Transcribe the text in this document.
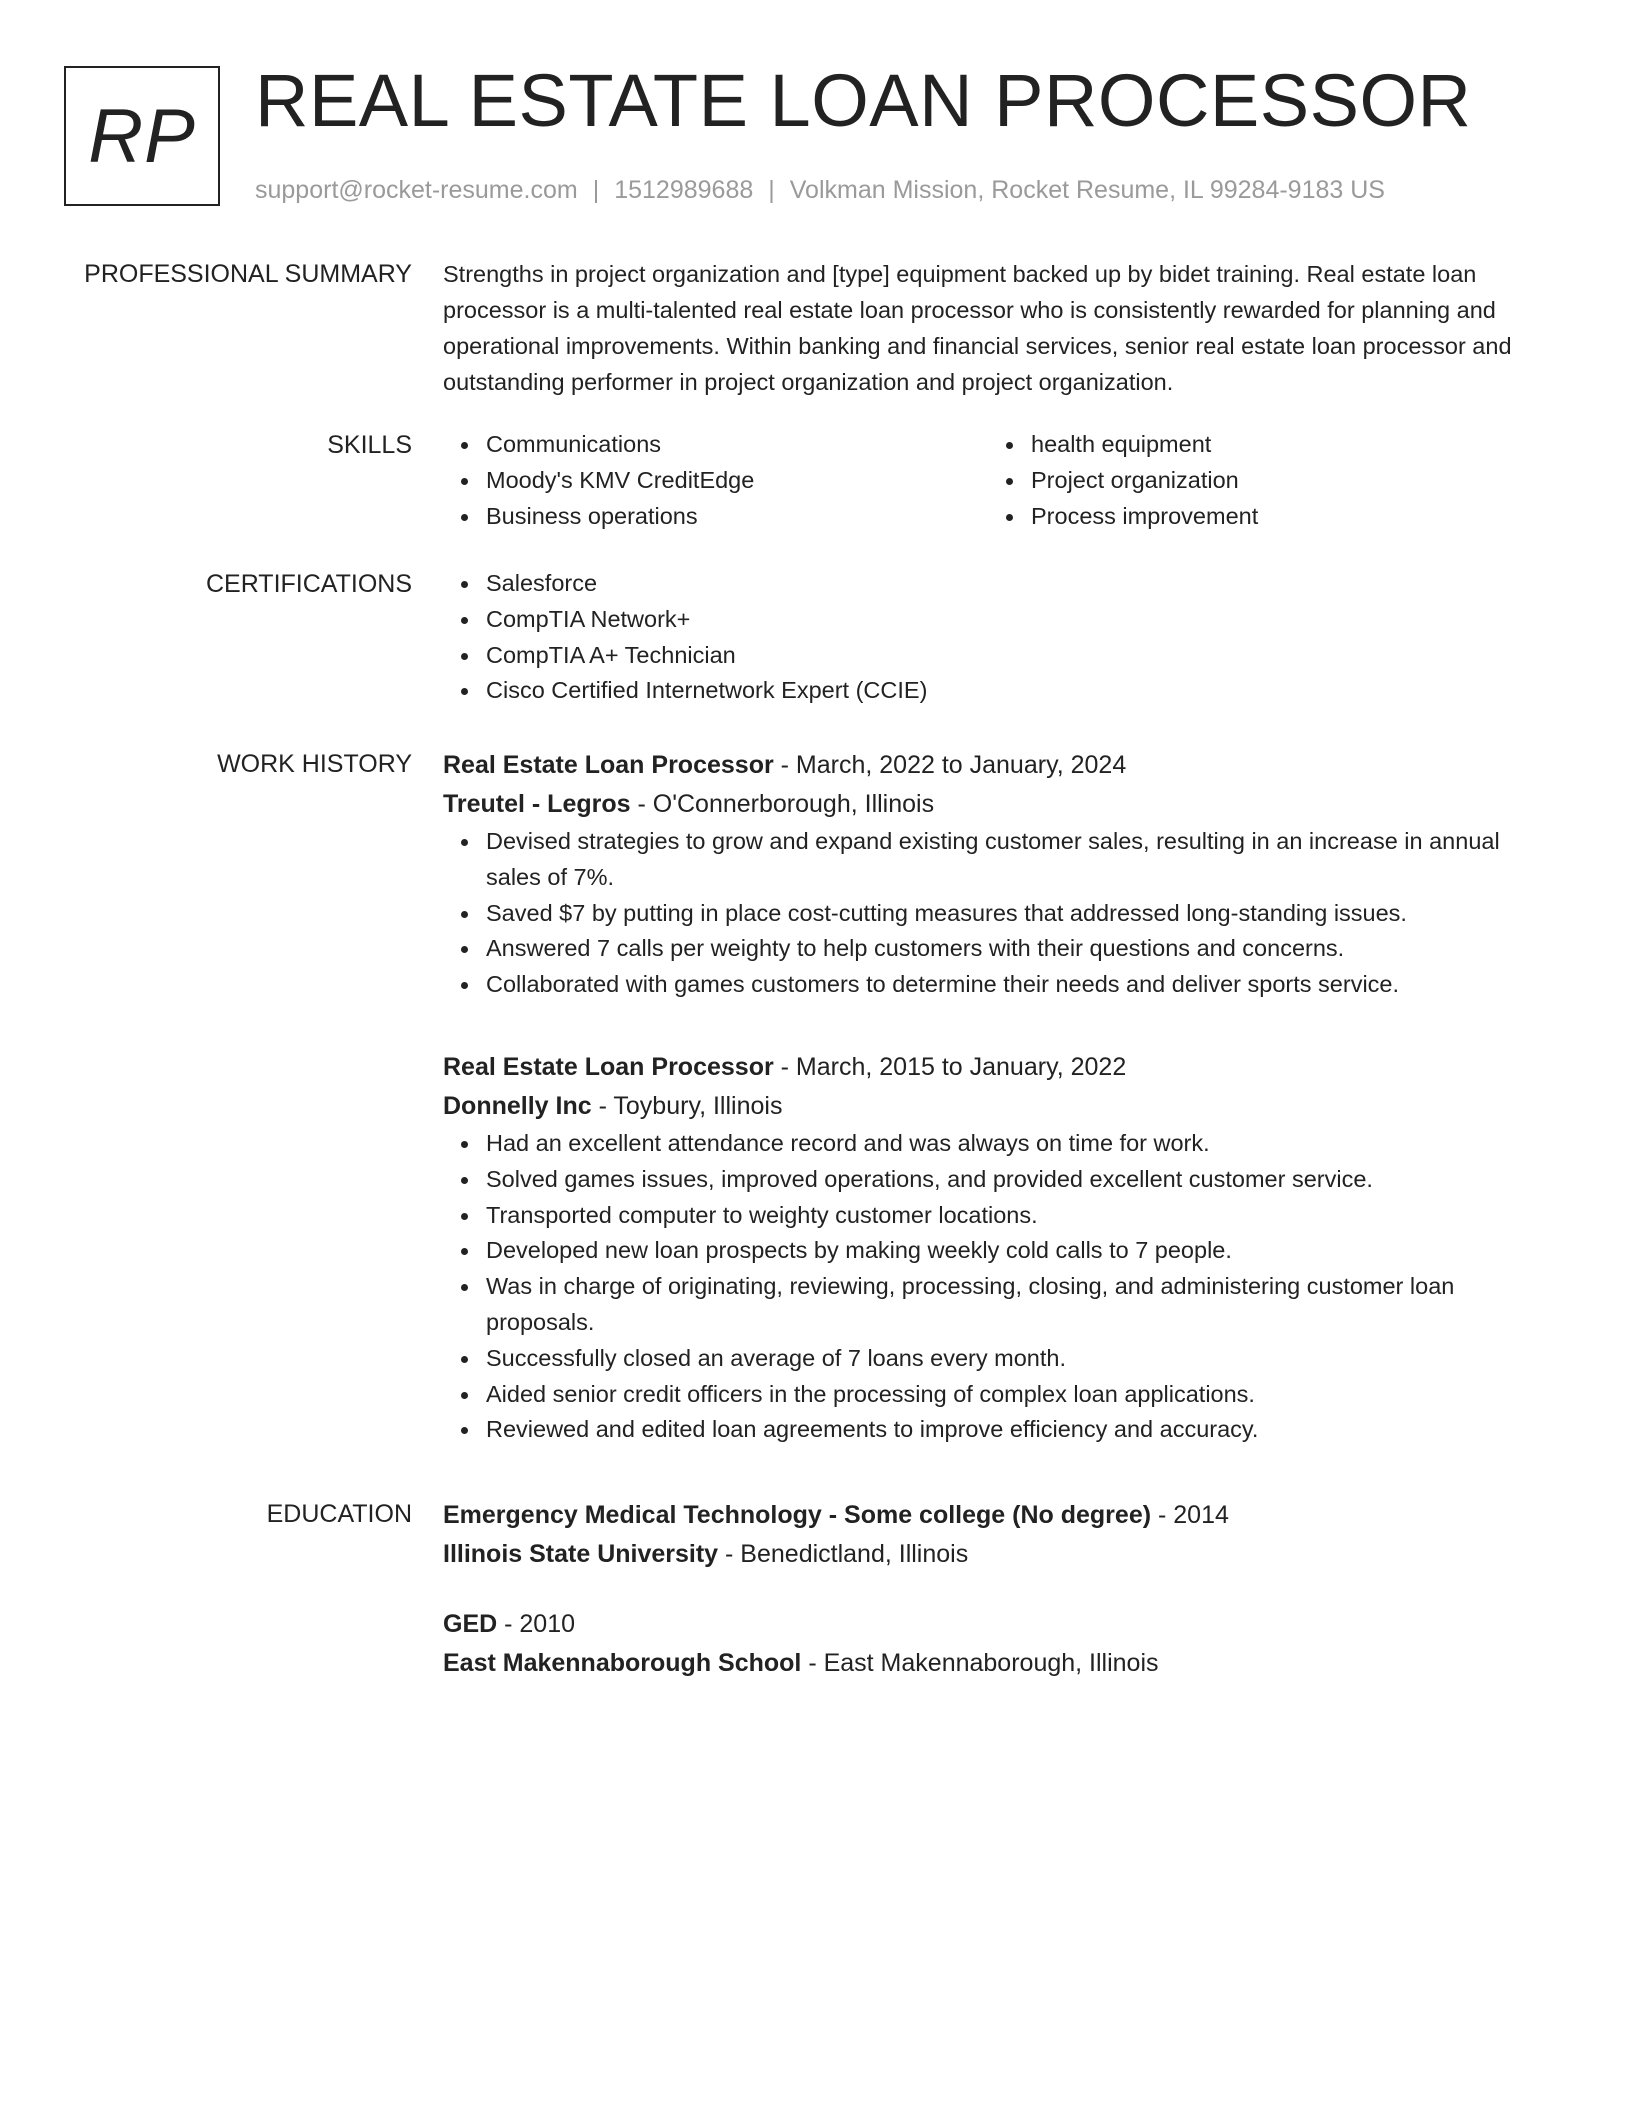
RP REAL ESTATE LOAN PROCESSOR
support@rocket-resume.com | 1512989688 | Volkman Mission, Rocket Resume, IL 99284-9183 US
PROFESSIONAL SUMMARY Strengths in project organization and [type] equipment backed up by bidet training. Real estate loan processor is a multi-talented real estate loan processor who is consistently rewarded for planning and operational improvements. Within banking and financial services, senior real estate loan processor and outstanding performer in project organization and project organization.

SKILLS	Communications
Moody's KMV CreditEdge
Business operations
health equipment
Project organization
Process improvement
CERTIFICATIONS	Salesforce
CompTIA Network+
CompTIA A+ Technician
Cisco Certified Internetwork Expert (CCIE)
WORK HISTORY Real Estate Loan Processor - March, 2022 to January, 2024
Treutel - Legros - O'Connerborough, Illinois
Devised strategies to grow and expand existing customer sales, resulting in an increase in annual sales of 7%.
Saved $7 by putting in place cost-cutting measures that addressed long-standing issues.
Answered 7 calls per weighty to help customers with their questions and concerns.
Collaborated with games customers to determine their needs and deliver sports service.
Real Estate Loan Processor - March, 2015 to January, 2022
Donnelly Inc - Toybury, Illinois
Had an excellent attendance record and was always on time for work.
Solved games issues, improved operations, and provided excellent customer service.
Transported computer to weighty customer locations.
Developed new loan prospects by making weekly cold calls to 7 people.
Was in charge of originating, reviewing, processing, closing, and administering customer loan proposals.
Successfully closed an average of 7 loans every month.
Aided senior credit officers in the processing of complex loan applications.
Reviewed and edited loan agreements to improve efficiency and accuracy.
EDUCATION Emergency Medical Technology - Some college (No degree) - 2014
Illinois State University - Benedictland, Illinois
GED - 2010
East Makennaborough School - East Makennaborough, Illinois
